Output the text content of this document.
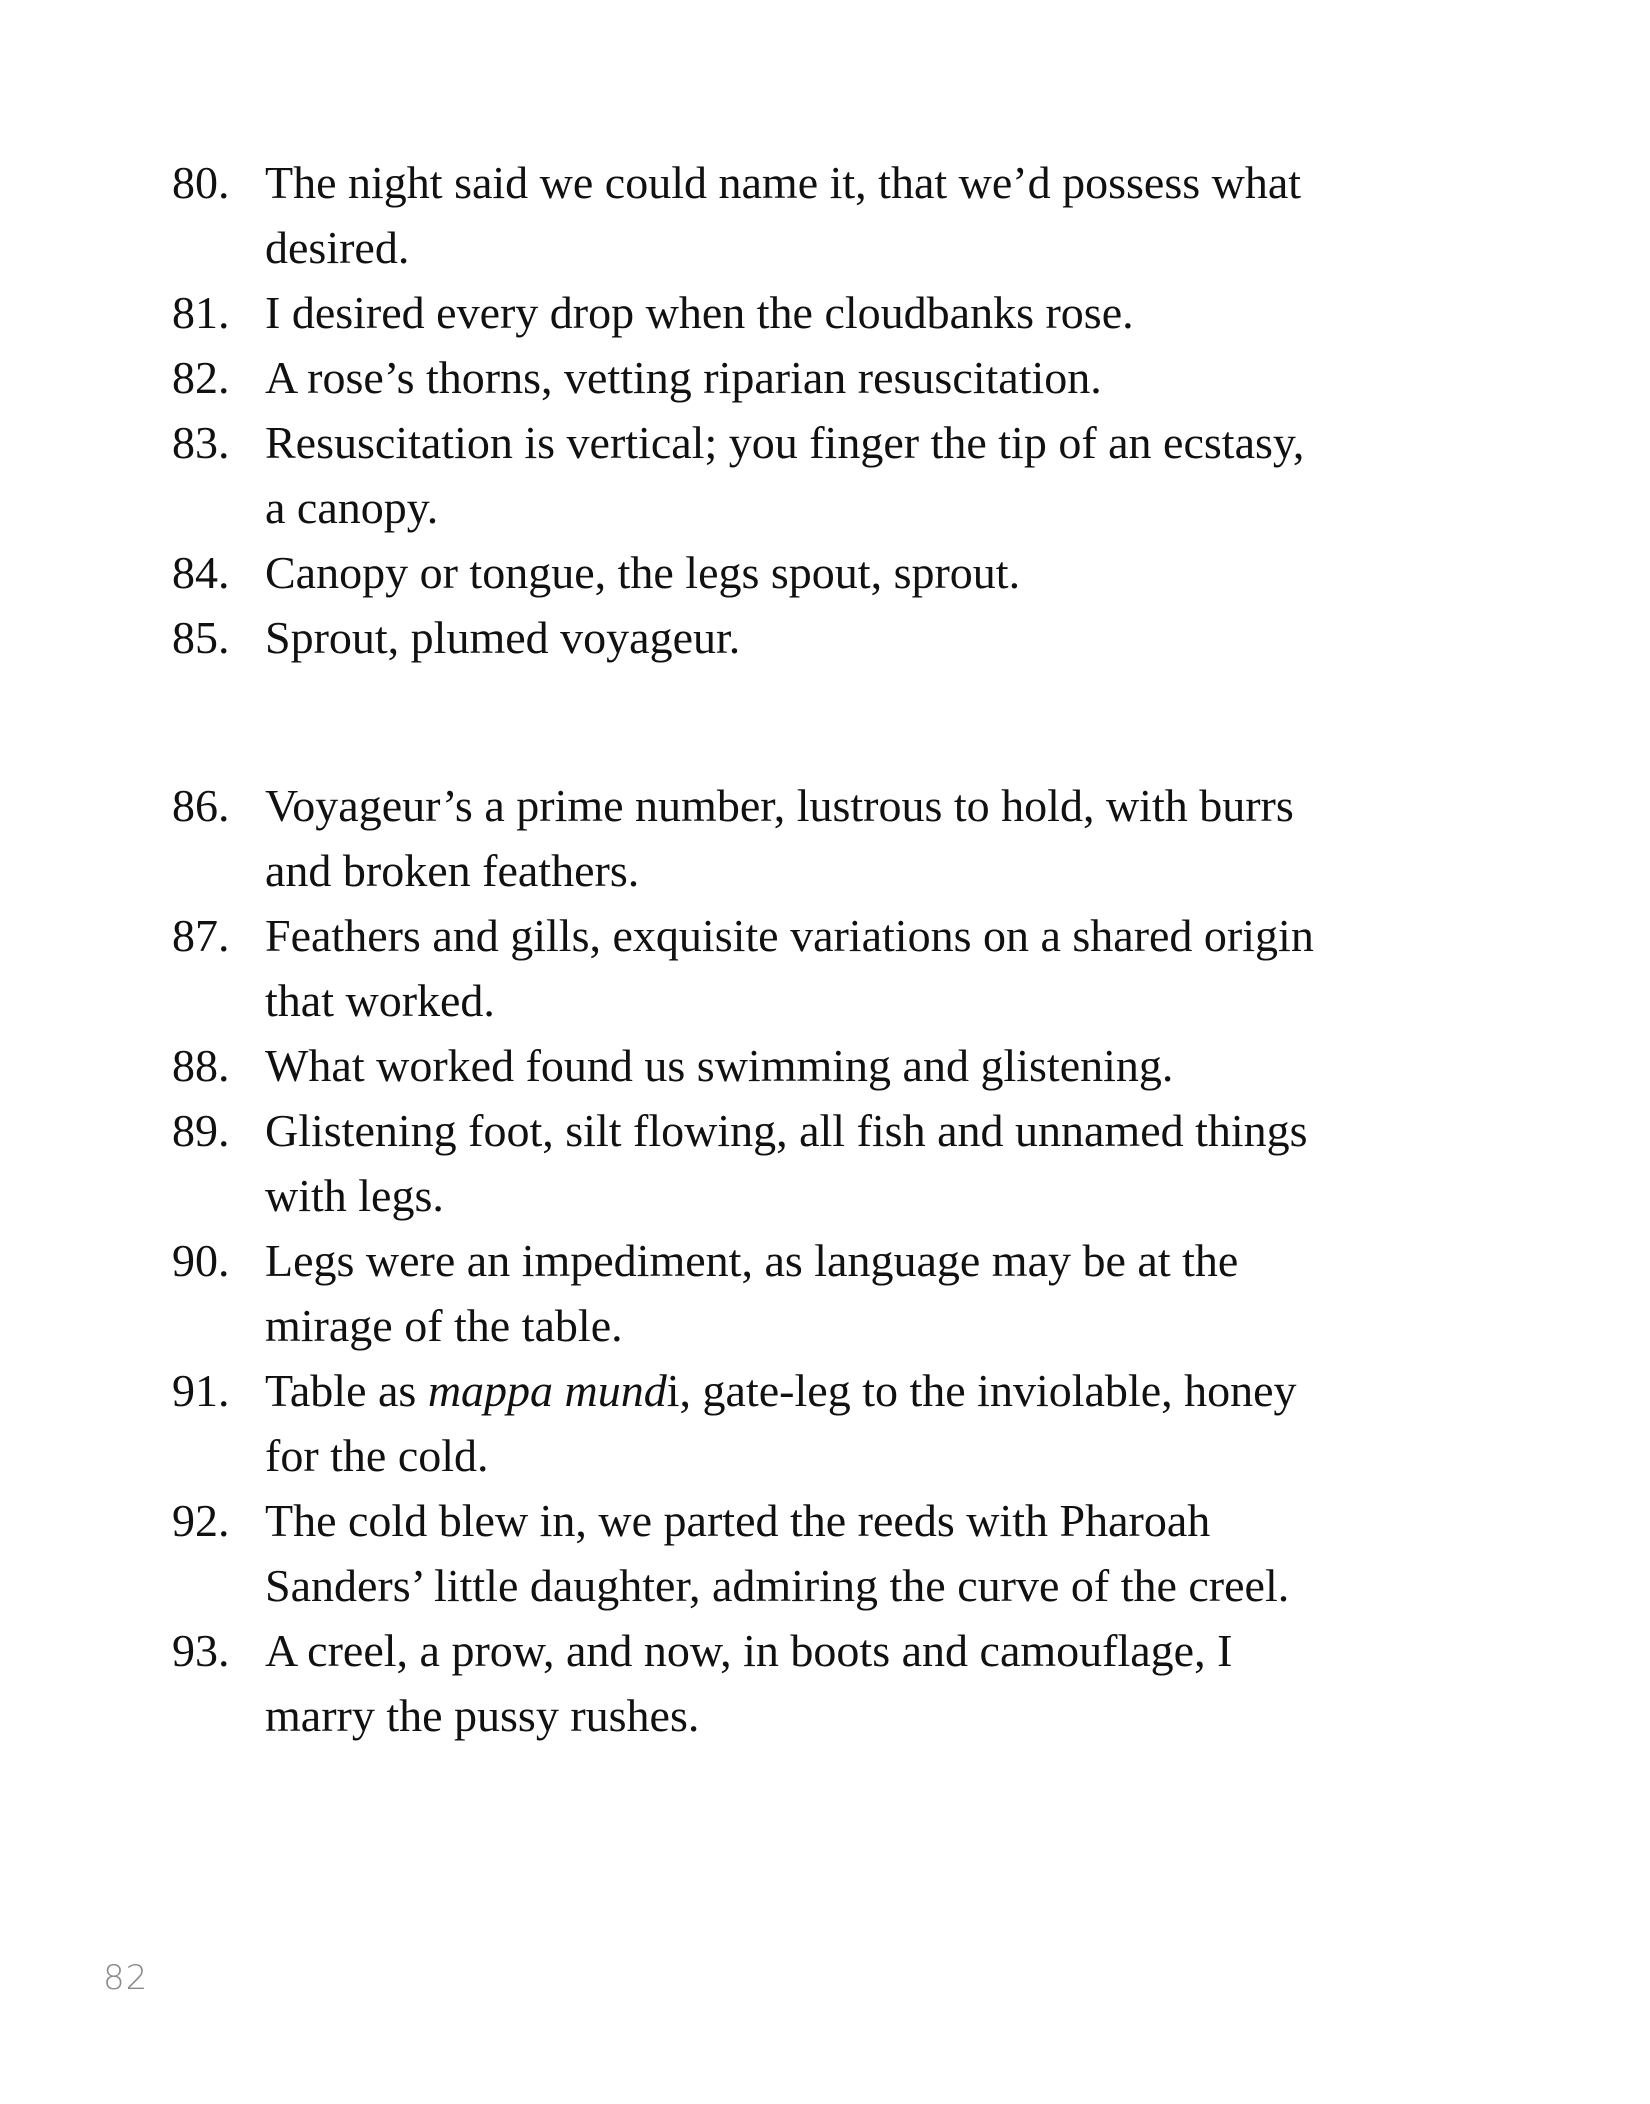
80. The night said we could name it, that we’d possess what
desired.
81. I desired every drop when the cloudbanks rose.
82. A rose’s thorns, vetting riparian resuscitation.
83. Resuscitation is vertical; you finger the tip of an ecstasy,
a canopy.
84. Canopy or tongue, the legs spout, sprout.
85. Sprout, plumed voyageur.
86. Voyageur’s a prime number, lustrous to hold, with burrs
and broken feathers.
87. Feathers and gills, exquisite variations on a shared origin
that worked.
88. What worked found us swimming and glistening.
89. Glistening foot, silt flowing, all fish and unnamed things
with legs.
90. Legs were an impediment, as language may be at the
mirage of the table.
91. Table as mappa mundi, gate-leg to the inviolable, honey
for the cold.
92. The cold blew in, we parted the reeds with Pharoah
Sanders’ little daughter, admiring the curve of the creel.
93. A creel, a prow, and now, in boots and camouflage, I
marry the pussy rushes.
82
